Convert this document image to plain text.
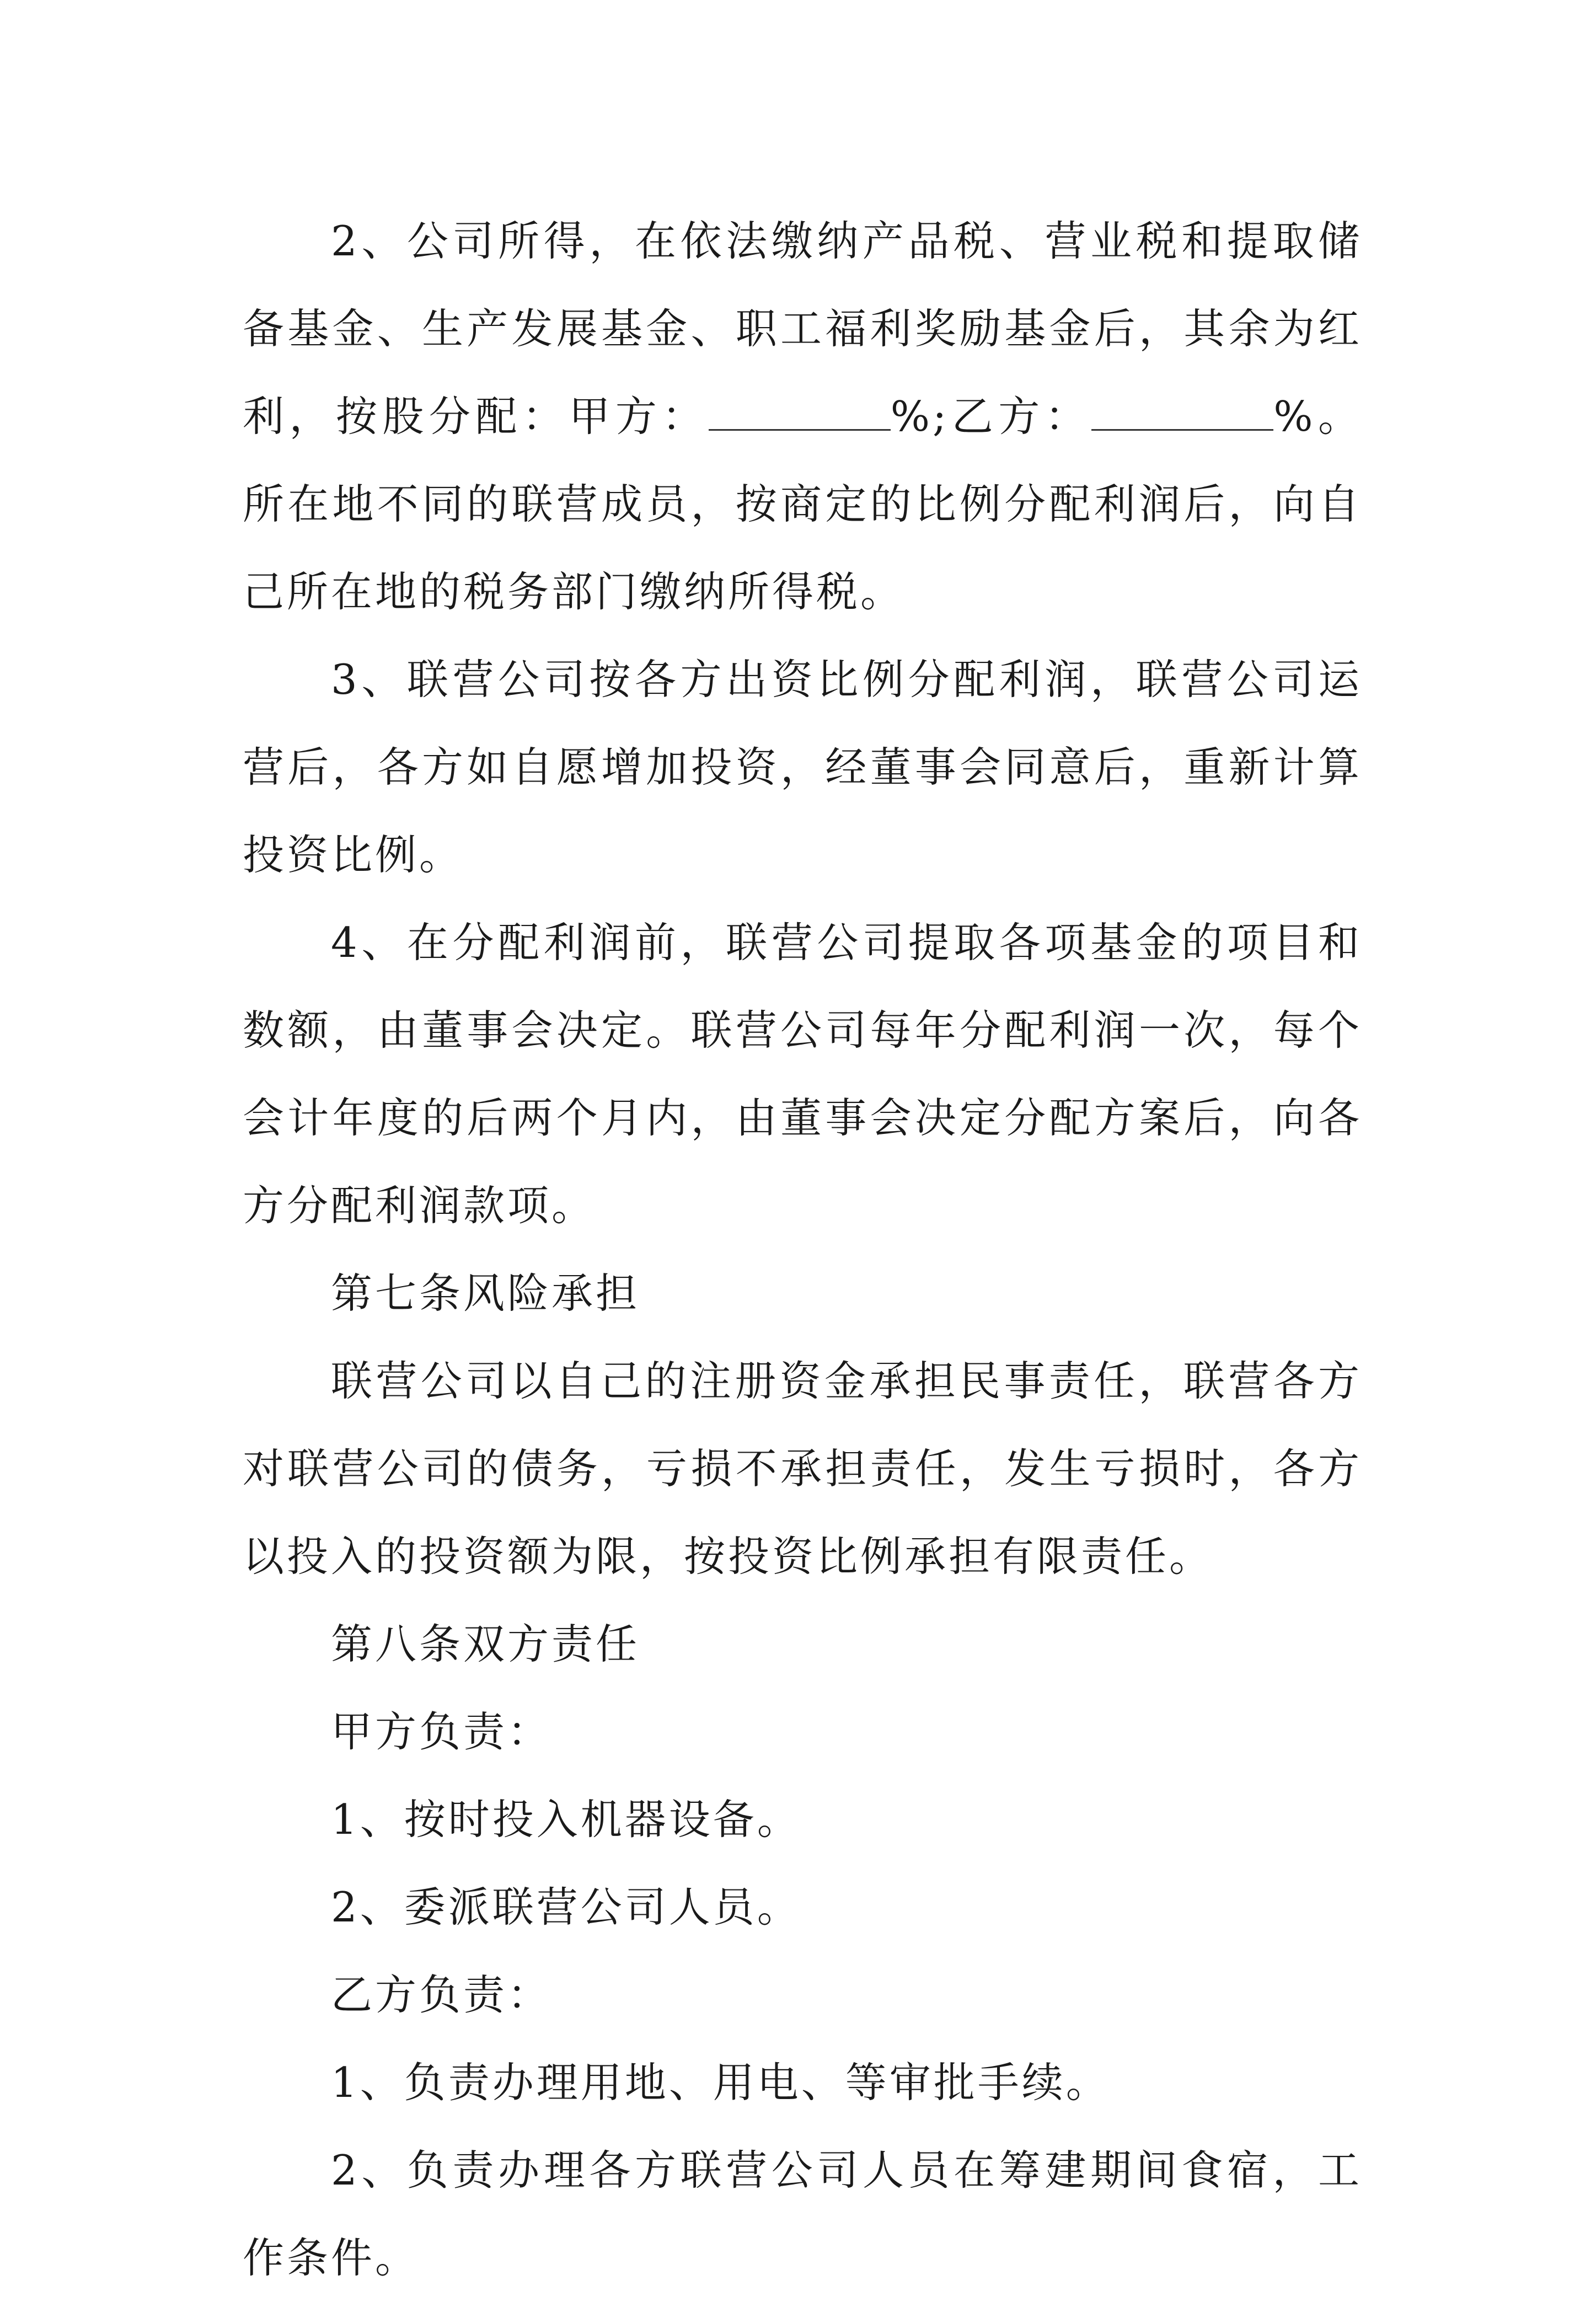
2、公司所得，在依法缴纳产品税、营业税和提取储备基金、生产发展基金、职工福利奖励基金后，其余为红利，按股分配：甲方：	%;乙方：	%。所在地不同的联营成员，按商定的比例分配利润后，向自己所在地的税务部门缴纳所得税。

3、联营公司按各方出资比例分配利润，联营公司运营后，各方如自愿增加投资，经董事会同意后，重新计算投资比例。

4、在分配利润前，联营公司提取各项基金的项目和数额，由董事会决定。联营公司每年分配利润一次，每个会计年度的后两个月内，由董事会决定分配方案后，向各方分配利润款项。

第七条风险承担

联营公司以自己的注册资金承担民事责任，联营各方对联营公司的债务，亏损不承担责任，发生亏损时，各方以投入的投资额为限，按投资比例承担有限责任。

第八条双方责任

甲方负责：

1、按时投入机器设备。

2、委派联营公司人员。

乙方负责：

1、负责办理用地、用电、等审批手续。

2、负责办理各方联营公司人员在筹建期间食宿，工作条件。
